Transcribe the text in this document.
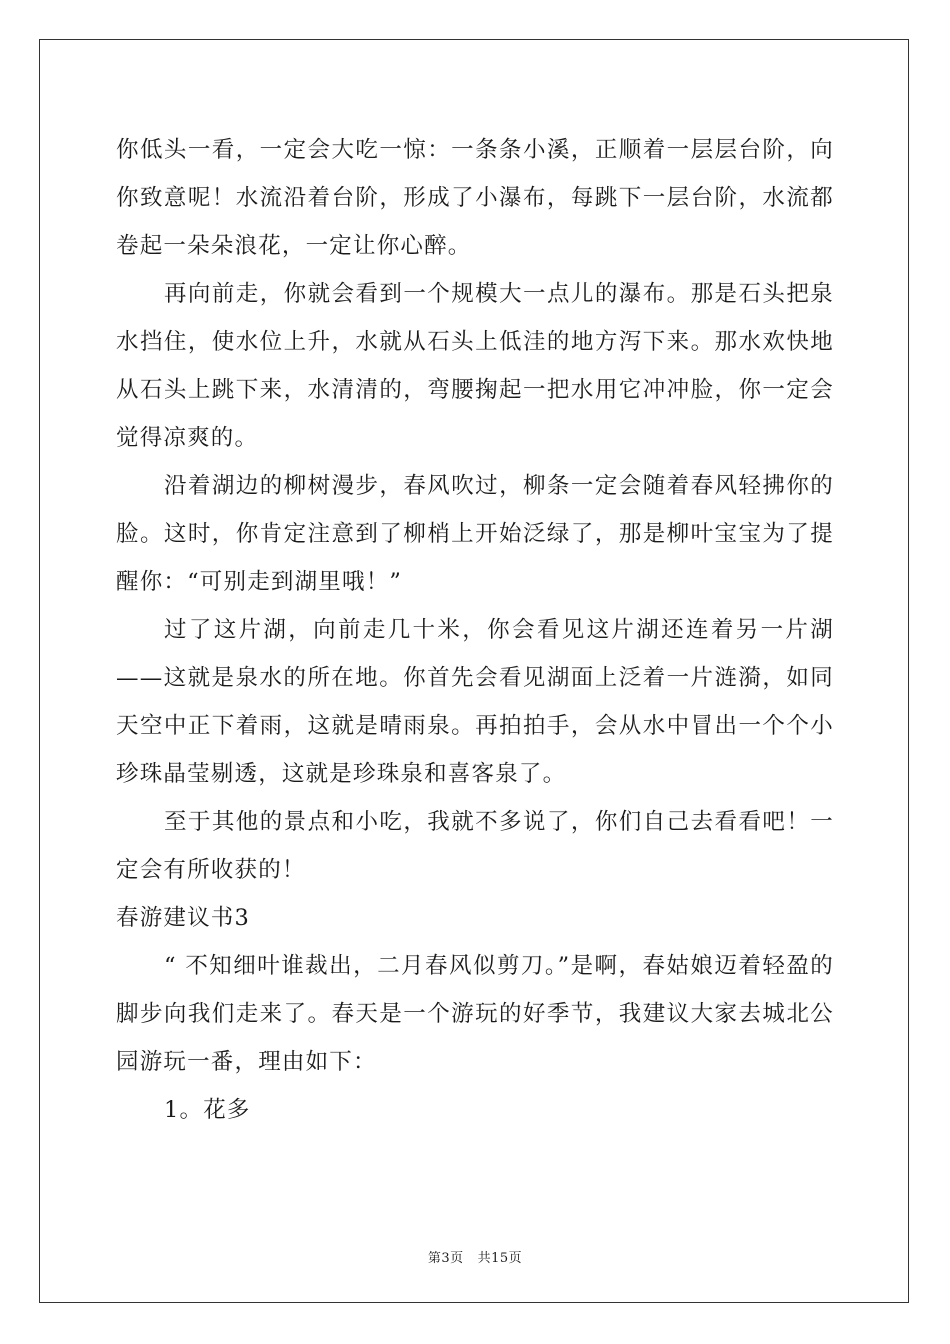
你低头一看，一定会大吃一惊：一条条小溪，正顺着一层层台阶，向你致意呢！水流沿着台阶，形成了小瀑布，每跳下一层台阶，水流都卷起一朵朵浪花，一定让你心醉。

再向前走，你就会看到一个规模大一点儿的瀑布。那是石头把泉水挡住，使水位上升，水就从石头上低洼的地方泻下来。那水欢快地从石头上跳下来，水清清的，弯腰掬起一把水用它冲冲脸，你一定会觉得凉爽的。

沿着湖边的柳树漫步，春风吹过，柳条一定会随着春风轻拂你的脸。这时，你肯定注意到了柳梢上开始泛绿了，那是柳叶宝宝为了提醒你：“可别走到湖里哦！”

过了这片湖，向前走几十米，你会看见这片湖还连着另一片湖——这就是泉水的所在地。你首先会看见湖面上泛着一片涟漪，如同天空中正下着雨，这就是晴雨泉。再拍拍手，会从水中冒出一个个小珍珠晶莹剔透，这就是珍珠泉和喜客泉了。

至于其他的景点和小吃，我就不多说了，你们自己去看看吧！一定会有所收获的！

春游建议书3

“ 不知细叶谁裁出，二月春风似剪刀。”是啊，春姑娘迈着轻盈的脚步向我们走来了。春天是一个游玩的好季节，我建议大家去城北公园游玩一番，理由如下：

1。花多

第3页 共15页
